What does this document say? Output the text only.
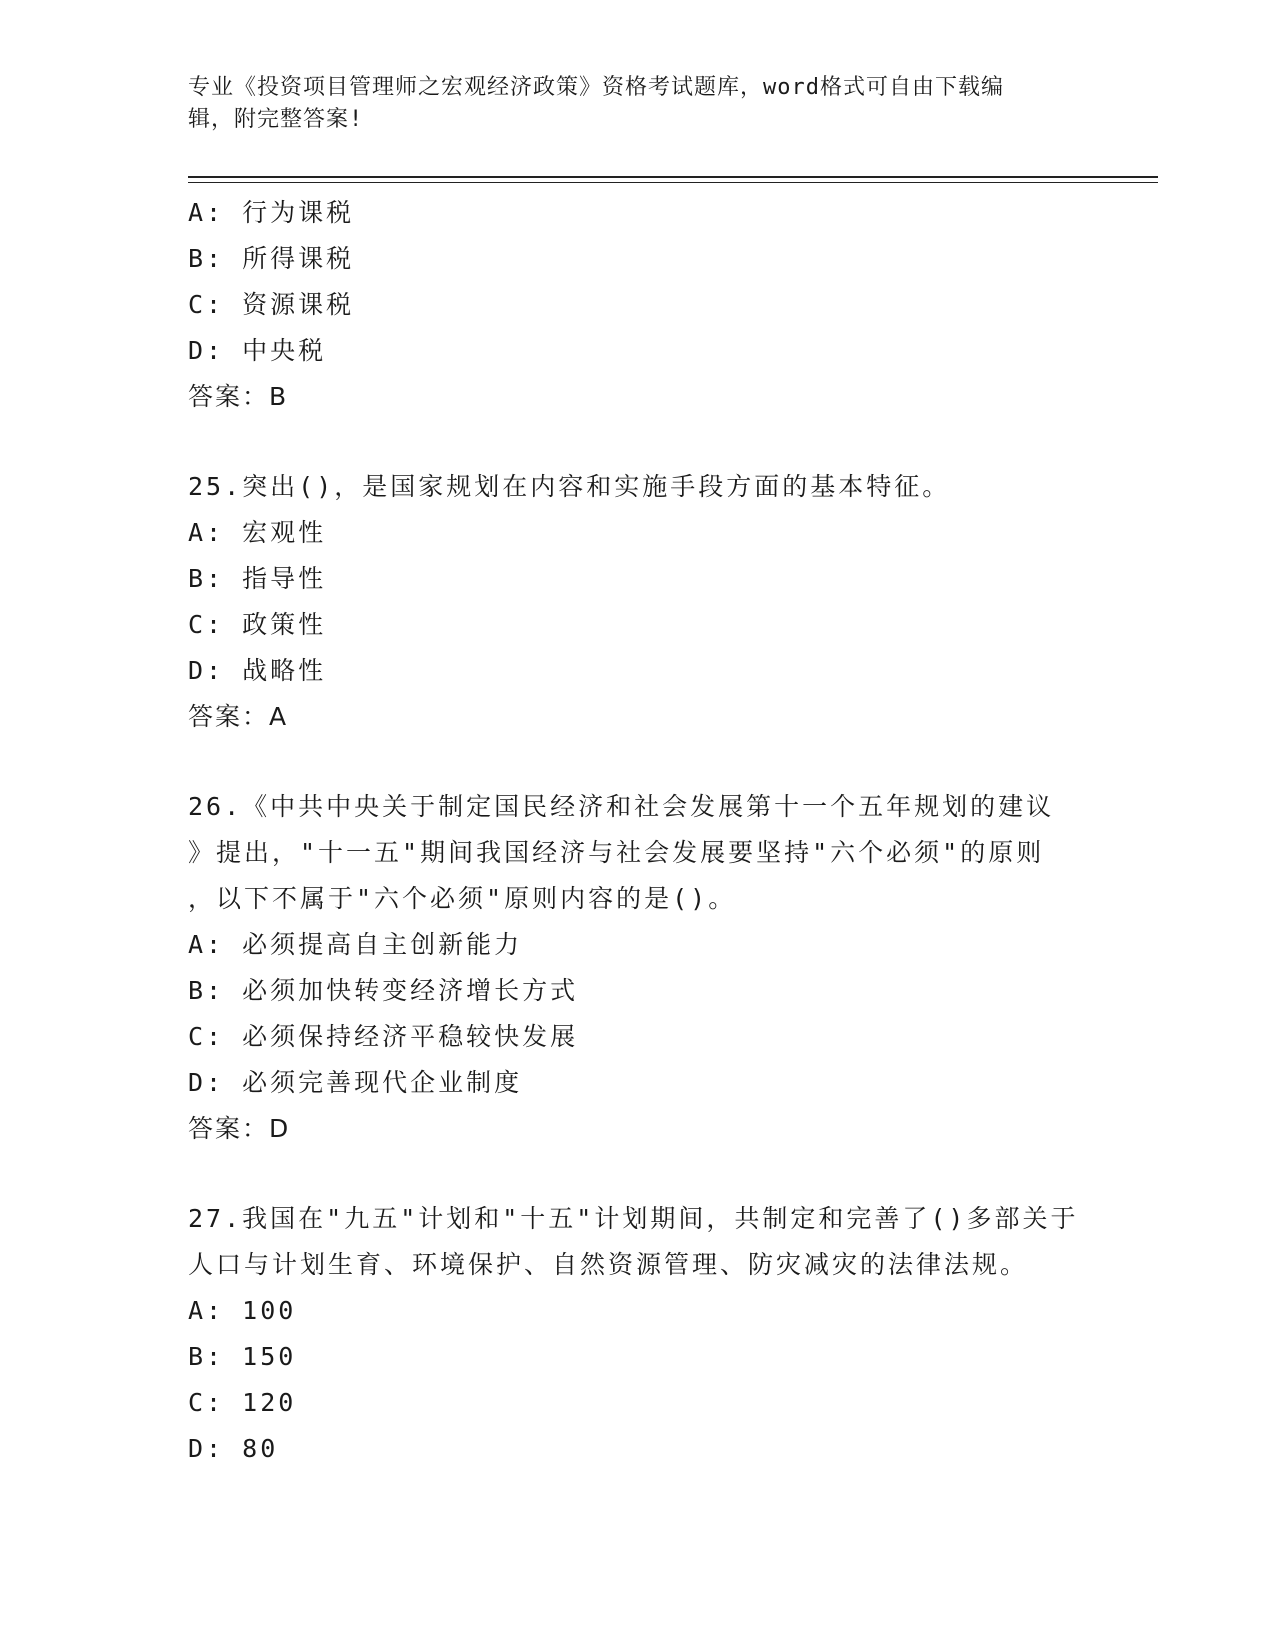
专业《投资项目管理师之宏观经济政策》资格考试题库，word格式可自由下载编
辑，附完整答案!
A: 行为课税
B: 所得课税
C: 资源课税
D: 中央税
答案：B
25.突出()，是国家规划在内容和实施手段方面的基本特征。
A: 宏观性
B: 指导性
C: 政策性
D: 战略性
答案：A
26.《中共中央关于制定国民经济和社会发展第十一个五年规划的建议
》提出，"十一五"期间我国经济与社会发展要坚持"六个必须"的原则
，以下不属于"六个必须"原则内容的是()。
A: 必须提高自主创新能力
B: 必须加快转变经济增长方式
C: 必须保持经济平稳较快发展
D: 必须完善现代企业制度
答案：D
27.我国在"九五"计划和"十五"计划期间，共制定和完善了()多部关于
人口与计划生育、环境保护、自然资源管理、防灾减灾的法律法规。
A: 100
B: 150
C: 120
D: 80
